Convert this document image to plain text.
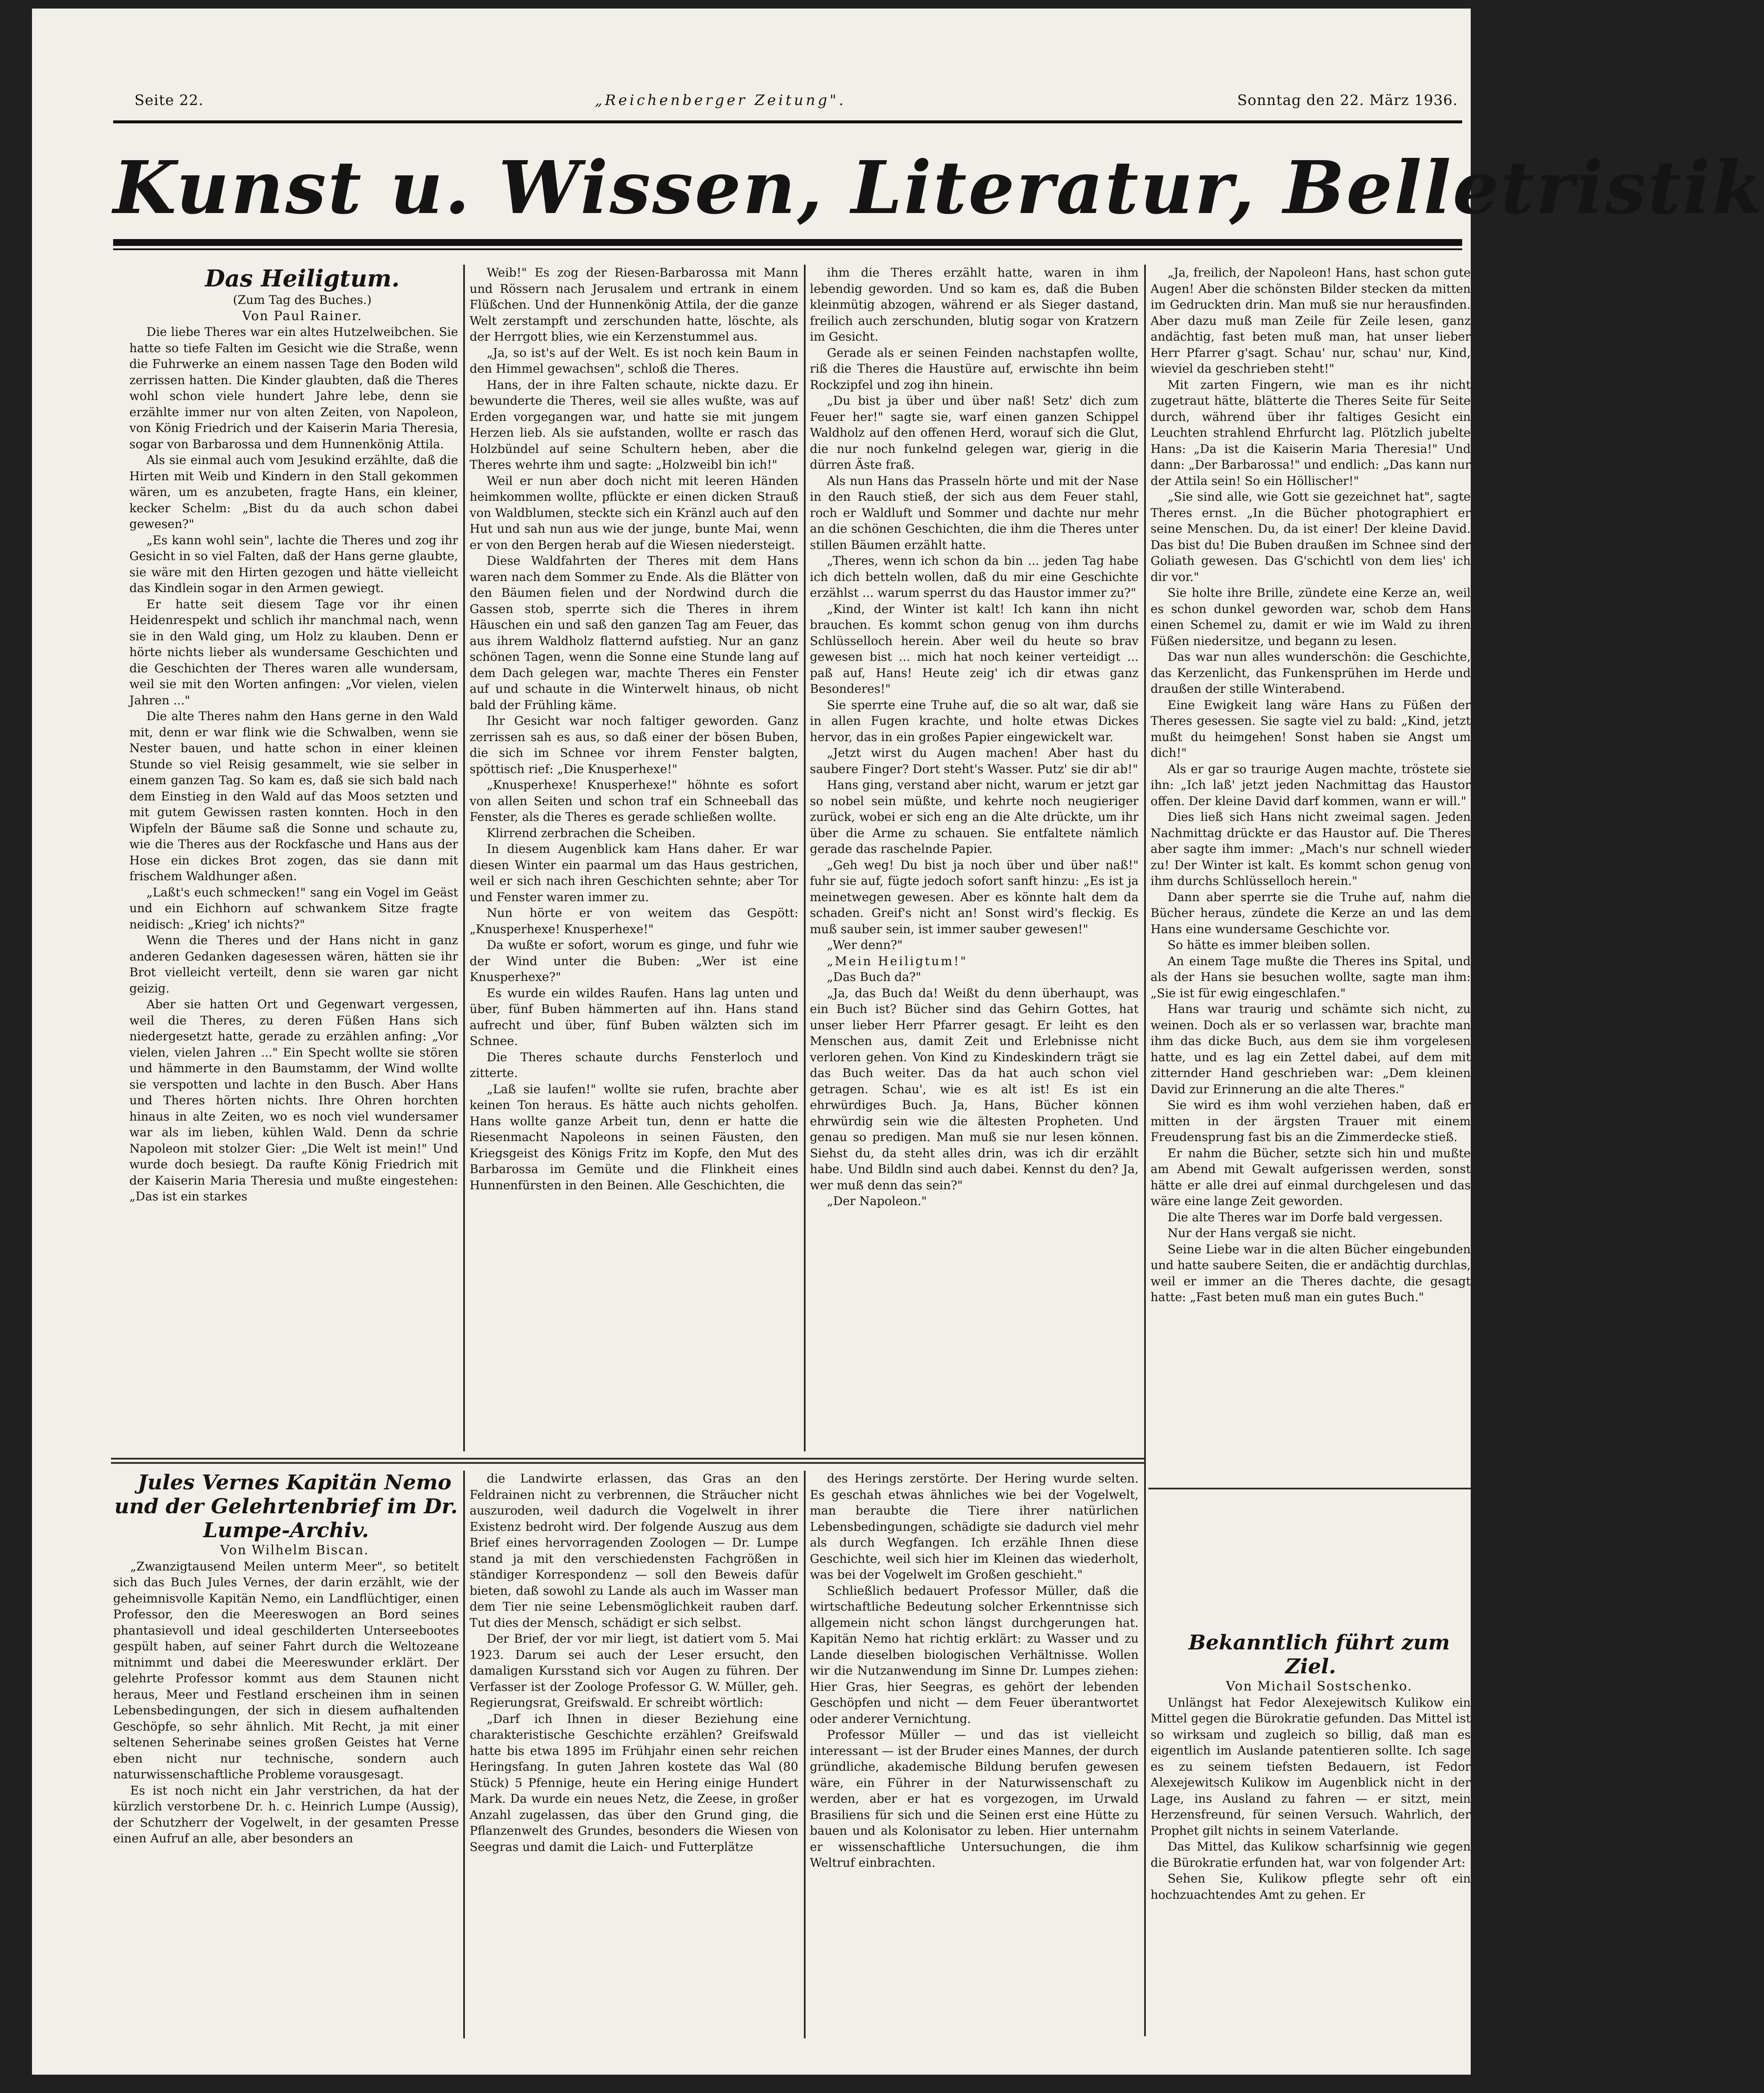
Seite 22.	„Reichenberger Zeitung".	Sonntag den 22. März 1936.
Kunst u. Wissen, Literatur, Belletristik

Das Heiligtum.

(Zum Tag des Buches.)

Von Paul Rainer.

Die liebe Theres war ein altes Hutzelweibchen. Sie hatte so tiefe Falten im Gesicht wie die Straße, wenn die Fuhrwerke an einem nassen Tage den Boden wild zerrissen hatten. Die Kinder glaubten, daß die Theres wohl schon viele hundert Jahre lebe, denn sie erzählte immer nur von alten Zeiten, von Napoleon, von König Friedrich und der Kaiserin Maria Theresia, sogar von Barbarossa und dem Hunnenkönig Attila.

Als sie einmal auch vom Jesukind erzählte, daß die Hirten mit Weib und Kindern in den Stall gekommen wären, um es anzubeten, fragte Hans, ein kleiner, kecker Schelm: „Bist du da auch schon dabei gewesen?"

„Es kann wohl sein", lachte die Theres und zog ihr Gesicht in so viel Falten, daß der Hans gerne glaubte, sie wäre mit den Hirten gezogen und hätte vielleicht das Kindlein sogar in den Armen gewiegt.

Er hatte seit diesem Tage vor ihr einen Heidenrespekt und schlich ihr manchmal nach, wenn sie in den Wald ging, um Holz zu klauben. Denn er hörte nichts lieber als wundersame Geschichten und die Geschichten der Theres waren alle wundersam, weil sie mit den Worten anfingen: „Vor vielen, vielen Jahren ..."

Die alte Theres nahm den Hans gerne in den Wald mit, denn er war flink wie die Schwalben, wenn sie Nester bauen, und hatte schon in einer kleinen Stunde so viel Reisig gesammelt, wie sie selber in einem ganzen Tag. So kam es, daß sie sich bald nach dem Einstieg in den Wald auf das Moos setzten und mit gutem Gewissen rasten konnten. Hoch in den Wipfeln der Bäume saß die Sonne und schaute zu, wie die Theres aus der Rockfasche und Hans aus der Hose ein dickes Brot zogen, das sie dann mit frischem Waldhunger aßen.

„Laßt's euch schmecken!" sang ein Vogel im Geäst und ein Eichhorn auf schwankem Sitze fragte neidisch: „Krieg' ich nichts?"

Wenn die Theres und der Hans nicht in ganz anderen Gedanken dagesessen wären, hätten sie ihr Brot vielleicht verteilt, denn sie waren gar nicht geizig.

Aber sie hatten Ort und Gegenwart vergessen, weil die Theres, zu deren Füßen Hans sich niedergesetzt hatte, gerade zu erzählen anfing: „Vor vielen, vielen Jahren ..." Ein Specht wollte sie stören und hämmerte in den Baumstamm, der Wind wollte sie verspotten und lachte in den Busch. Aber Hans und Theres hörten nichts. Ihre Ohren horchten hinaus in alte Zeiten, wo es noch viel wundersamer war als im lieben, kühlen Wald. Denn da schrie Napoleon mit stolzer Gier: „Die Welt ist mein!" Und wurde doch besiegt. Da raufte König Friedrich mit der Kaiserin Maria Theresia und mußte eingestehen: „Das ist ein starkes

Weib!" Es zog der Riesen-Barbarossa mit Mann und Rössern nach Jerusalem und ertrank in einem Flüßchen. Und der Hunnenkönig Attila, der die ganze Welt zerstampft und zerschunden hatte, löschte, als der Herrgott blies, wie ein Kerzenstummel aus.

„Ja, so ist's auf der Welt. Es ist noch kein Baum in den Himmel gewachsen", schloß die Theres.

Hans, der in ihre Falten schaute, nickte dazu. Er bewunderte die Theres, weil sie alles wußte, was auf Erden vorgegangen war, und hatte sie mit jungem Herzen lieb. Als sie aufstanden, wollte er rasch das Holzbündel auf seine Schultern heben, aber die Theres wehrte ihm und sagte: „Holzweibl bin ich!"

Weil er nun aber doch nicht mit leeren Händen heimkommen wollte, pflückte er einen dicken Strauß von Waldblumen, steckte sich ein Kränzl auch auf den Hut und sah nun aus wie der junge, bunte Mai, wenn er von den Bergen herab auf die Wiesen niedersteigt.

Diese Waldfahrten der Theres mit dem Hans waren nach dem Sommer zu Ende. Als die Blätter von den Bäumen fielen und der Nordwind durch die Gassen stob, sperrte sich die Theres in ihrem Häuschen ein und saß den ganzen Tag am Feuer, das aus ihrem Waldholz flatternd aufstieg. Nur an ganz schönen Tagen, wenn die Sonne eine Stunde lang auf dem Dach gelegen war, machte Theres ein Fenster auf und schaute in die Winterwelt hinaus, ob nicht bald der Frühling käme.

Ihr Gesicht war noch faltiger geworden. Ganz zerrissen sah es aus, so daß einer der bösen Buben, die sich im Schnee vor ihrem Fenster balgten, spöttisch rief: „Die Knusperhexe!"

„Knusperhexe! Knusperhexe!" höhnte es sofort von allen Seiten und schon traf ein Schneeball das Fenster, als die Theres es gerade schließen wollte.

Klirrend zerbrachen die Scheiben.

In diesem Augenblick kam Hans daher. Er war diesen Winter ein paarmal um das Haus gestrichen, weil er sich nach ihren Geschichten sehnte; aber Tor und Fenster waren immer zu.

Nun hörte er von weitem das Gespött: „Knusperhexe! Knusperhexe!"

Da wußte er sofort, worum es ginge, und fuhr wie der Wind unter die Buben: „Wer ist eine Knusperhexe?"

Es wurde ein wildes Raufen. Hans lag unten und über, fünf Buben hämmerten auf ihn. Hans stand aufrecht und über, fünf Buben wälzten sich im Schnee.

Die Theres schaute durchs Fensterloch und zitterte.

„Laß sie laufen!" wollte sie rufen, brachte aber keinen Ton heraus. Es hätte auch nichts geholfen. Hans wollte ganze Arbeit tun, denn er hatte die Riesenmacht Napoleons in seinen Fäusten, den Kriegsgeist des Königs Fritz im Kopfe, den Mut des Barbarossa im Gemüte und die Flinkheit eines Hunnenfürsten in den Beinen. Alle Geschichten, die

ihm die Theres erzählt hatte, waren in ihm lebendig geworden. Und so kam es, daß die Buben kleinmütig abzogen, während er als Sieger dastand, freilich auch zerschunden, blutig sogar von Kratzern im Gesicht.

Gerade als er seinen Feinden nachstapfen wollte, riß die Theres die Haustüre auf, erwischte ihn beim Rockzipfel und zog ihn hinein.

„Du bist ja über und über naß! Setz' dich zum Feuer her!" sagte sie, warf einen ganzen Schippel Waldholz auf den offenen Herd, worauf sich die Glut, die nur noch funkelnd gelegen war, gierig in die dürren Äste fraß.

Als nun Hans das Prasseln hörte und mit der Nase in den Rauch stieß, der sich aus dem Feuer stahl, roch er Waldluft und Sommer und dachte nur mehr an die schönen Geschichten, die ihm die Theres unter stillen Bäumen erzählt hatte.

„Theres, wenn ich schon da bin ... jeden Tag habe ich dich betteln wollen, daß du mir eine Geschichte erzählst ... warum sperrst du das Haustor immer zu?"

„Kind, der Winter ist kalt! Ich kann ihn nicht brauchen. Es kommt schon genug von ihm durchs Schlüsselloch herein. Aber weil du heute so brav gewesen bist ... mich hat noch keiner verteidigt ... paß auf, Hans! Heute zeig' ich dir etwas ganz Besonderes!"

Sie sperrte eine Truhe auf, die so alt war, daß sie in allen Fugen krachte, und holte etwas Dickes hervor, das in ein großes Papier eingewickelt war.

„Jetzt wirst du Augen machen! Aber hast du saubere Finger? Dort steht's Wasser. Putz' sie dir ab!"

Hans ging, verstand aber nicht, warum er jetzt gar so nobel sein müßte, und kehrte noch neugieriger zurück, wobei er sich eng an die Alte drückte, um ihr über die Arme zu schauen. Sie entfaltete nämlich gerade das raschelnde Papier.

„Geh weg! Du bist ja noch über und über naß!" fuhr sie auf, fügte jedoch sofort sanft hinzu: „Es ist ja meinetwegen gewesen. Aber es könnte halt dem da schaden. Greif's nicht an! Sonst wird's fleckig. Es muß sauber sein, ist immer sauber gewesen!"

„Wer denn?"

„Mein Heiligtum!"

„Das Buch da?"

„Ja, das Buch da! Weißt du denn überhaupt, was ein Buch ist? Bücher sind das Gehirn Gottes, hat unser lieber Herr Pfarrer gesagt. Er leiht es den Menschen aus, damit Zeit und Erlebnisse nicht verloren gehen. Von Kind zu Kindeskindern trägt sie das Buch weiter. Das da hat auch schon viel getragen. Schau', wie es alt ist! Es ist ein ehrwürdiges Buch. Ja, Hans, Bücher können ehrwürdig sein wie die ältesten Propheten. Und genau so predigen. Man muß sie nur lesen können. Siehst du, da steht alles drin, was ich dir erzählt habe. Und Bildln sind auch dabei. Kennst du den? Ja, wer muß denn das sein?"

„Der Napoleon."

„Ja, freilich, der Napoleon! Hans, hast schon gute Augen! Aber die schönsten Bilder stecken da mitten im Gedruckten drin. Man muß sie nur herausfinden. Aber dazu muß man Zeile für Zeile lesen, ganz andächtig, fast beten muß man, hat unser lieber Herr Pfarrer g'sagt. Schau' nur, schau' nur, Kind, wieviel da geschrieben steht!"

Mit zarten Fingern, wie man es ihr nicht zugetraut hätte, blätterte die Theres Seite für Seite durch, während über ihr faltiges Gesicht ein Leuchten strahlend Ehrfurcht lag. Plötzlich jubelte Hans: „Da ist die Kaiserin Maria Theresia!" Und dann: „Der Barbarossa!" und endlich: „Das kann nur der Attila sein! So ein Höllischer!"

„Sie sind alle, wie Gott sie gezeichnet hat", sagte Theres ernst. „In die Bücher photographiert er seine Menschen. Du, da ist einer! Der kleine David. Das bist du! Die Buben draußen im Schnee sind der Goliath gewesen. Das G'schichtl von dem lies' ich dir vor."

Sie holte ihre Brille, zündete eine Kerze an, weil es schon dunkel geworden war, schob dem Hans einen Schemel zu, damit er wie im Wald zu ihren Füßen niedersitze, und begann zu lesen.

Das war nun alles wunderschön: die Geschichte, das Kerzenlicht, das Funkensprühen im Herde und draußen der stille Winterabend.

Eine Ewigkeit lang wäre Hans zu Füßen der Theres gesessen. Sie sagte viel zu bald: „Kind, jetzt mußt du heimgehen! Sonst haben sie Angst um dich!"

Als er gar so traurige Augen machte, tröstete sie ihn: „Ich laß' jetzt jeden Nachmittag das Haustor offen. Der kleine David darf kommen, wann er will."

Dies ließ sich Hans nicht zweimal sagen. Jeden Nachmittag drückte er das Haustor auf. Die Theres aber sagte ihm immer: „Mach's nur schnell wieder zu! Der Winter ist kalt. Es kommt schon genug von ihm durchs Schlüsselloch herein."

Dann aber sperrte sie die Truhe auf, nahm die Bücher heraus, zündete die Kerze an und las dem Hans eine wundersame Geschichte vor.

So hätte es immer bleiben sollen.

An einem Tage mußte die Theres ins Spital, und als der Hans sie besuchen wollte, sagte man ihm: „Sie ist für ewig eingeschlafen."

Hans war traurig und schämte sich nicht, zu weinen. Doch als er so verlassen war, brachte man ihm das dicke Buch, aus dem sie ihm vorgelesen hatte, und es lag ein Zettel dabei, auf dem mit zitternder Hand geschrieben war: „Dem kleinen David zur Erinnerung an die alte Theres."

Sie wird es ihm wohl verziehen haben, daß er mitten in der ärgsten Trauer mit einem Freudensprung fast bis an die Zimmerdecke stieß.

Er nahm die Bücher, setzte sich hin und mußte am Abend mit Gewalt aufgerissen werden, sonst hätte er alle drei auf einmal durchgelesen und das wäre eine lange Zeit geworden.

Die alte Theres war im Dorfe bald vergessen.

Nur der Hans vergaß sie nicht.

Seine Liebe war in die alten Bücher eingebunden und hatte saubere Seiten, die er andächtig durchlas, weil er immer an die Theres dachte, die gesagt hatte: „Fast beten muß man ein gutes Buch."

Jules Vernes Kapitän Nemo und der Gelehrtenbrief im Dr. Lumpe-Archiv.

Von Wilhelm Biscan.

„Zwanzigtausend Meilen unterm Meer", so betitelt sich das Buch Jules Vernes, der darin erzählt, wie der geheimnisvolle Kapitän Nemo, ein Landflüchtiger, einen Professor, den die Meereswogen an Bord seines phantasievoll und ideal geschilderten Unterseebootes gespült haben, auf seiner Fahrt durch die Weltozeane mitnimmt und dabei die Meereswunder erklärt. Der gelehrte Professor kommt aus dem Staunen nicht heraus, Meer und Festland erscheinen ihm in seinen Lebensbedingungen, der sich in diesem aufhaltenden Geschöpfe, so sehr ähnlich. Mit Recht, ja mit einer seltenen Seherinabe seines großen Geistes hat Verne eben nicht nur technische, sondern auch naturwissenschaftliche Probleme vorausgesagt.

Es ist noch nicht ein Jahr verstrichen, da hat der kürzlich verstorbene Dr. h. c. Heinrich Lumpe (Aussig), der Schutzherr der Vogelwelt, in der gesamten Presse einen Aufruf an alle, aber besonders an

die Landwirte erlassen, das Gras an den Feldrainen nicht zu verbrennen, die Sträucher nicht auszuroden, weil dadurch die Vogelwelt in ihrer Existenz bedroht wird. Der folgende Auszug aus dem Brief eines hervorragenden Zoologen — Dr. Lumpe stand ja mit den verschiedensten Fachgrößen in ständiger Korrespondenz — soll den Beweis dafür bieten, daß sowohl zu Lande als auch im Wasser man dem Tier nie seine Lebensmöglichkeit rauben darf. Tut dies der Mensch, schädigt er sich selbst.

Der Brief, der vor mir liegt, ist datiert vom 5. Mai 1923. Darum sei auch der Leser ersucht, den damaligen Kursstand sich vor Augen zu führen. Der Verfasser ist der Zoologe Professor G. W. Müller, geh. Regierungsrat, Greifswald. Er schreibt wörtlich:

„Darf ich Ihnen in dieser Beziehung eine charakteristische Geschichte erzählen? Greifswald hatte bis etwa 1895 im Frühjahr einen sehr reichen Heringsfang. In guten Jahren kostete das Wal (80 Stück) 5 Pfennige, heute ein Hering einige Hundert Mark. Da wurde ein neues Netz, die Zeese, in großer Anzahl zugelassen, das über den Grund ging, die Pflanzenwelt des Grundes, besonders die Wiesen von Seegras und damit die Laich- und Futterplätze

des Herings zerstörte. Der Hering wurde selten. Es geschah etwas ähnliches wie bei der Vogelwelt, man beraubte die Tiere ihrer natürlichen Lebensbedingungen, schädigte sie dadurch viel mehr als durch Wegfangen. Ich erzähle Ihnen diese Geschichte, weil sich hier im Kleinen das wiederholt, was bei der Vogelwelt im Großen geschieht."

Schließlich bedauert Professor Müller, daß die wirtschaftliche Bedeutung solcher Erkenntnisse sich allgemein nicht schon längst durchgerungen hat. Kapitän Nemo hat richtig erklärt: zu Wasser und zu Lande dieselben biologischen Verhältnisse. Wollen wir die Nutzanwendung im Sinne Dr. Lumpes ziehen: Hier Gras, hier Seegras, es gehört der lebenden Geschöpfen und nicht — dem Feuer überantwortet oder anderer Vernichtung.

Professor Müller — und das ist vielleicht interessant — ist der Bruder eines Mannes, der durch gründliche, akademische Bildung berufen gewesen wäre, ein Führer in der Naturwissenschaft zu werden, aber er hat es vorgezogen, im Urwald Brasiliens für sich und die Seinen erst eine Hütte zu bauen und als Kolonisator zu leben. Hier unternahm er wissenschaftliche Untersuchungen, die ihm Weltruf einbrachten.

Bekanntlich führt zum Ziel.

Von Michail Sostschenko.

Unlängst hat Fedor Alexejewitsch Kulikow ein Mittel gegen die Bürokratie gefunden. Das Mittel ist so wirksam und zugleich so billig, daß man es eigentlich im Auslande patentieren sollte. Ich sage es zu seinem tiefsten Bedauern, ist Fedor Alexejewitsch Kulikow im Augenblick nicht in der Lage, ins Ausland zu fahren — er sitzt, mein Herzensfreund, für seinen Versuch. Wahrlich, der Prophet gilt nichts in seinem Vaterlande.

Das Mittel, das Kulikow scharfsinnig wie gegen die Bürokratie erfunden hat, war von folgender Art:

Sehen Sie, Kulikow pflegte sehr oft ein hochzuachtendes Amt zu gehen. Er
